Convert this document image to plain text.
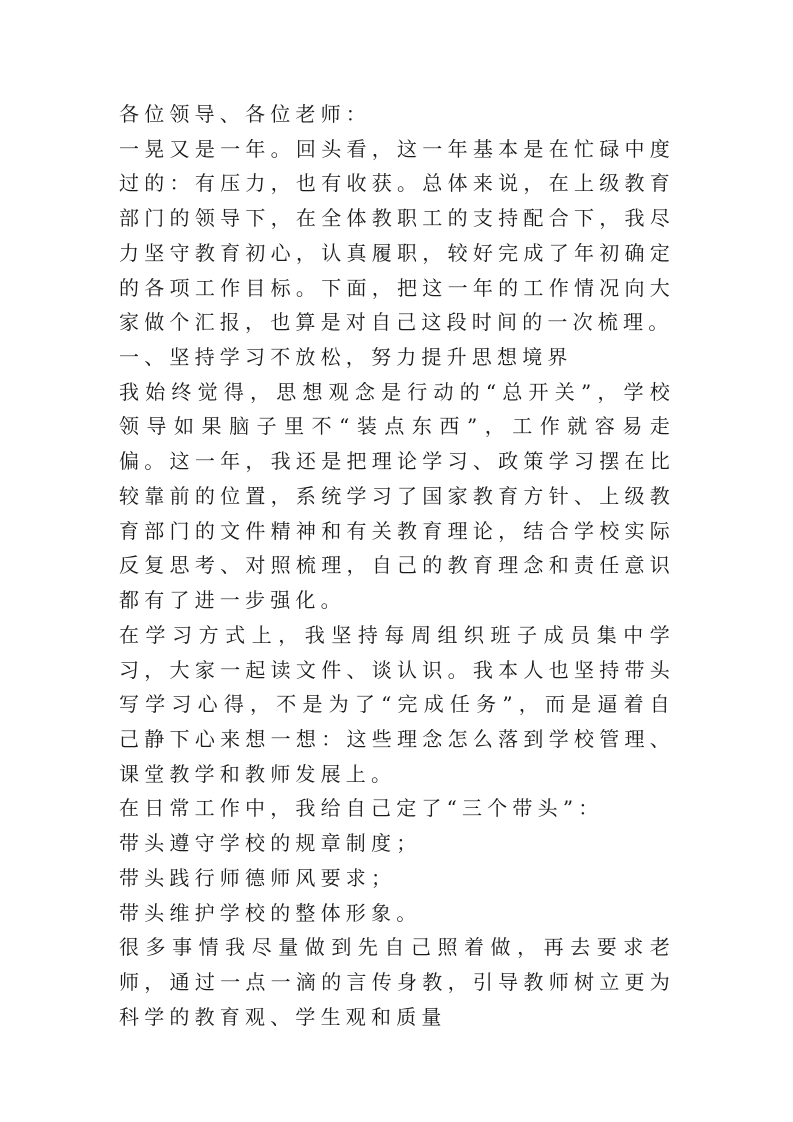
各位领导、各位老师：

一晃又是一年。回头看，这一年基本是在忙碌中度过的：有压力，也有收获。总体来说，在上级教育部门的领导下，在全体教职工的支持配合下，我尽力坚守教育初心，认真履职，较好完成了年初确定的各项工作目标。下面，把这一年的工作情况向大家做个汇报，也算是对自己这段时间的一次梳理。

一、坚持学习不放松，努力提升思想境界

我始终觉得，思想观念是行动的“总开关”，学校领导如果脑子里不“装点东西”，工作就容易走偏。这一年，我还是把理论学习、政策学习摆在比较靠前的位置，系统学习了国家教育方针、上级教育部门的文件精神和有关教育理论，结合学校实际反复思考、对照梳理，自己的教育理念和责任意识都有了进一步强化。

在学习方式上，我坚持每周组织班子成员集中学习，大家一起读文件、谈认识。我本人也坚持带头写学习心得，不是为了“完成任务”，而是逼着自己静下心来想一想：这些理念怎么落到学校管理、课堂教学和教师发展上。

在日常工作中，我给自己定了“三个带头”：

带头遵守学校的规章制度；

带头践行师德师风要求；

带头维护学校的整体形象。

很多事情我尽量做到先自己照着做，再去要求老师，通过一点一滴的言传身教，引导教师树立更为科学的教育观、学生观和质量
